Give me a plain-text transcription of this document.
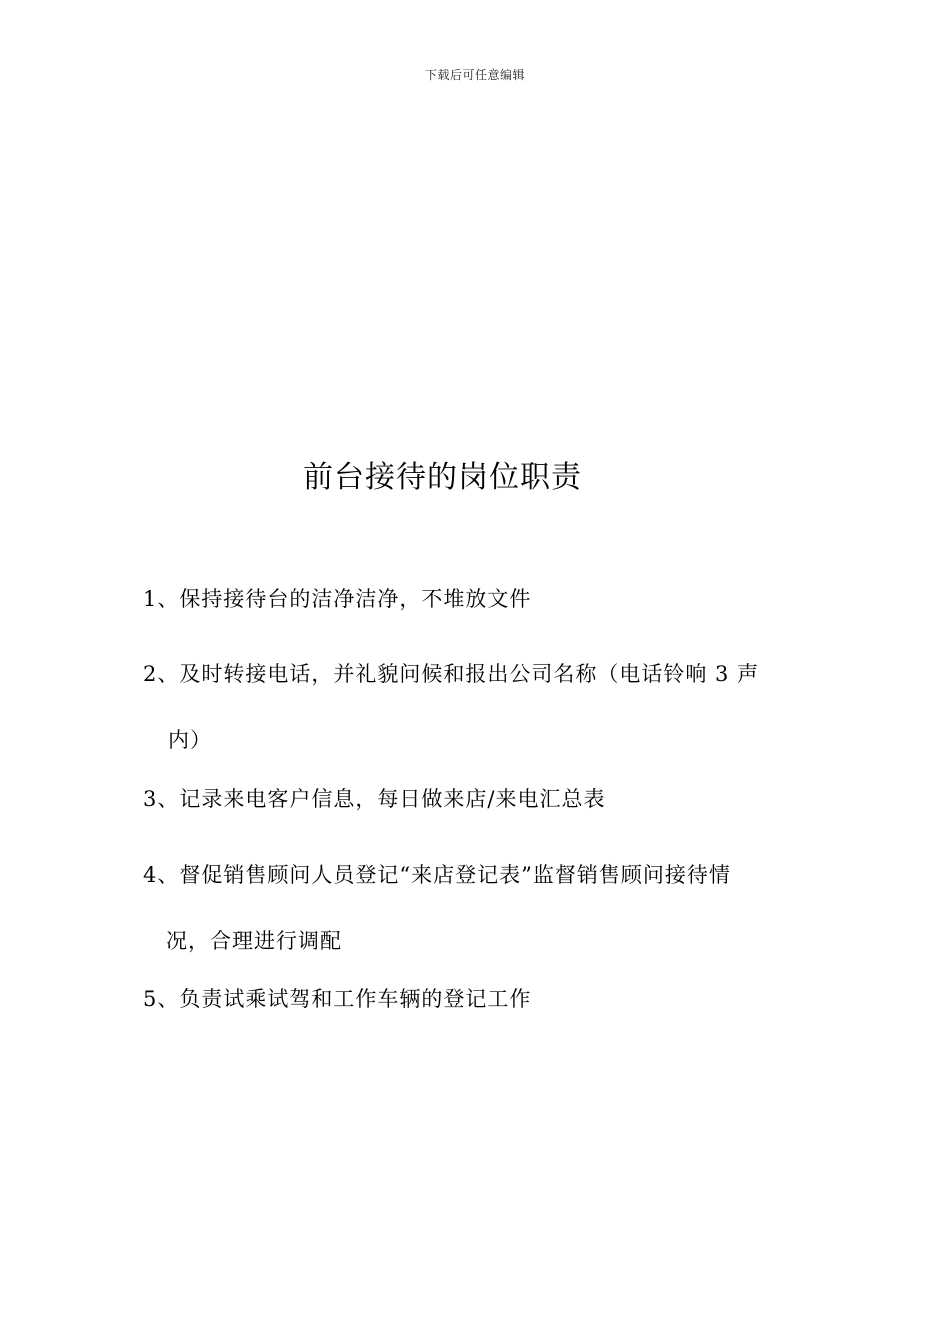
下载后可任意编辑
前台接待的岗位职责

1、保持接待台的洁净洁净，不堆放文件

2、及时转接电话，并礼貌问候和报出公司名称（电话铃响 3 声
内）

3、记录来电客户信息，每日做来店/来电汇总表

4、督促销售顾问人员登记“来店登记表”监督销售顾问接待情
况，合理进行调配

5、负责试乘试驾和工作车辆的登记工作
